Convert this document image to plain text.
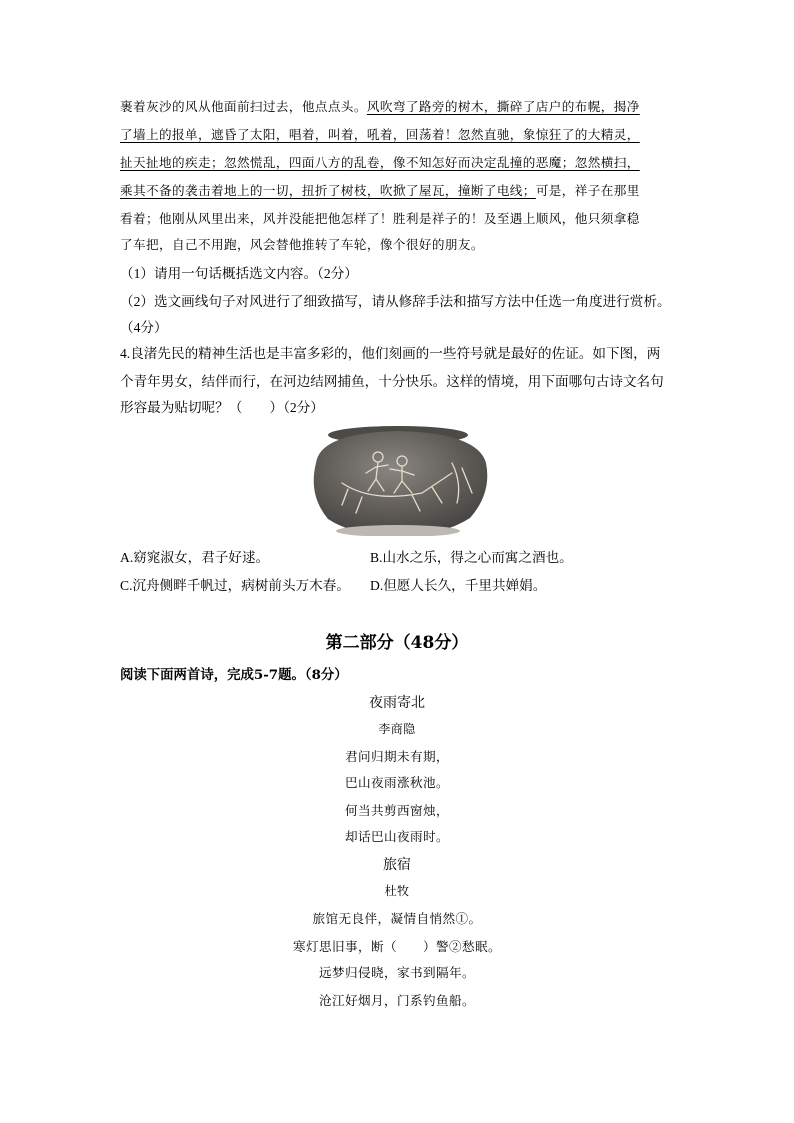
裹着灰沙的风从他面前扫过去，他点点头。风吹弯了路旁的树木，撕碎了店户的布幌，揭净
了墙上的报单，遮昏了太阳，唱着，叫着，吼着，回荡着！忽然直驰，象惊狂了的大精灵，
扯天扯地的疾走；忽然慌乱，四面八方的乱卷，像不知怎好而决定乱撞的恶魔；忽然横扫，
乘其不备的袭击着地上的一切，扭折了树枝，吹掀了屋瓦，撞断了电线；可是，祥子在那里
看着；他刚从风里出来，风并没能把他怎样了！胜利是祥子的！及至遇上顺风，他只须拿稳
了车把，自己不用跑，风会替他推转了车轮，像个很好的朋友。
（1）请用一句话概括选文内容。（2分）
（2）选文画线句子对风进行了细致描写，请从修辞手法和描写方法中任选一角度进行赏析。
（4分）
4.良渚先民的精神生活也是丰富多彩的，他们刻画的一些符号就是最好的佐证。如下图，两
个青年男女，结伴而行，在河边结网捕鱼，十分快乐。这样的情境，用下面哪句古诗文名句
形容最为贴切呢？（　　）（2分）
A.窈窕淑女，君子好逑。	B.山水之乐，得之心而寓之酒也。
C.沉舟侧畔千帆过，病树前头万木春。 D.但愿人长久，千里共婵娟。
第二部分（48分）
阅读下面两首诗，完成5-7题。（8分）
夜雨寄北
李商隐
君问归期未有期，
巴山夜雨涨秋池。
何当共剪西窗烛，
却话巴山夜雨时。
旅宿
杜牧
旅馆无良伴，凝情自悄然①。
寒灯思旧事，断（　　）警②愁眠。
远梦归侵晓，家书到隔年。
沧江好烟月，门系钓鱼船。
